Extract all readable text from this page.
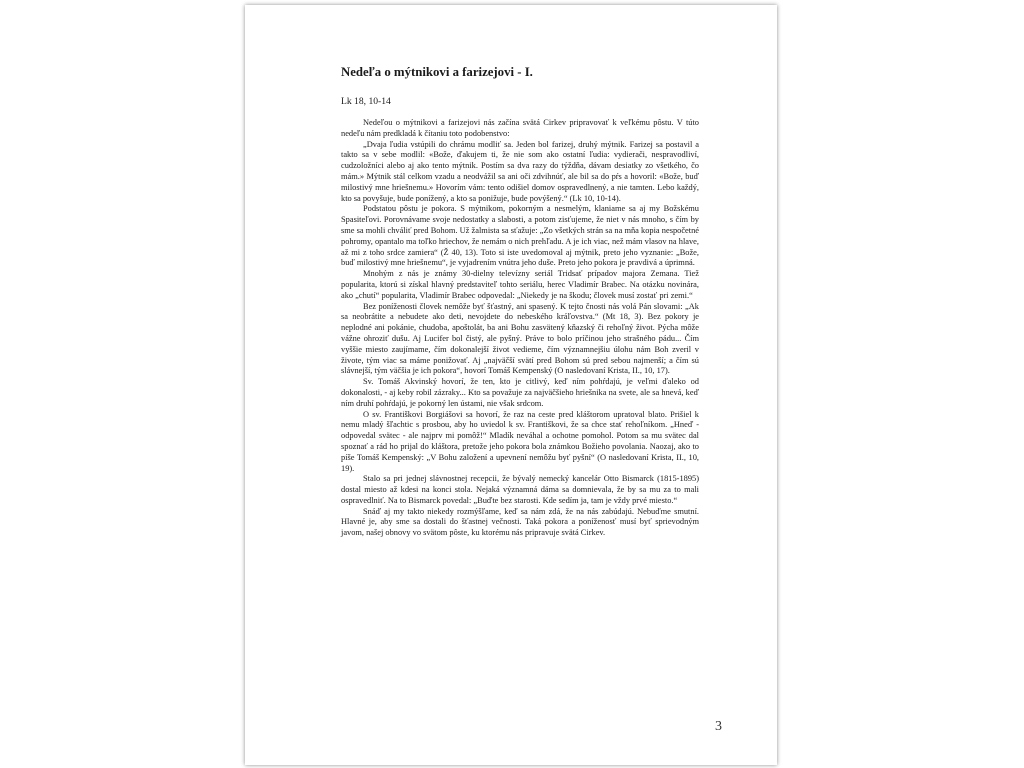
Nedeľa o mýtnikovi a farizejovi - I.
Lk 18, 10-14

Nedeľou o mýtnikovi a farizejovi nás začína svätá Cirkev pripravovať k veľkému pôstu. V túto nedeľu nám predkladá k čítaniu toto podobenstvo:

„Dvaja ľudia vstúpili do chrámu modliť sa. Jeden bol farizej, druhý mýtnik. Farizej sa postavil a takto sa v sebe modlil: «Bože, ďakujem ti, že nie som ako ostatní ľudia: vydierači, nespravodliví, cudzoložníci alebo aj ako tento mýtnik. Postím sa dva razy do týždňa, dávam desiatky zo všetkého, čo mám.» Mýtnik stál celkom vzadu a neodvážil sa ani oči zdvihnúť, ale bil sa do pŕs a hovoril: «Bože, buď milostivý mne hriešnemu.» Hovorím vám: tento odišiel domov ospravedlnený, a nie tamten. Lebo každý, kto sa povyšuje, bude ponížený, a kto sa ponižuje, bude povýšený.“ (Lk 10, 10-14).

Podstatou pôstu je pokora. S mýtnikom, pokorným a nesmelým, klaniame sa aj my Božskému Spasiteľovi. Porovnávame svoje nedostatky a slabosti, a potom zisťujeme, že niet v nás mnoho, s čím by sme sa mohli chváliť pred Bohom. Už žalmista sa sťažuje: „Zo všetkých strán sa na mňa kopia nespočetné pohromy, opantalo ma toľko hriechov, že nemám o nich prehľadu. A je ich viac, než mám vlasov na hlave, až mi z toho srdce zamiera“ (Ž 40, 13). Toto si iste uvedomoval aj mýtnik, preto jeho vyznanie: „Bože, buď milostivý mne hriešnemu“, je vyjadrením vnútra jeho duše. Preto jeho pokora je pravdivá a úprimná.

Mnohým z nás je známy 30-dielny televízny seriál Tridsať prípadov majora Zemana. Tiež popularita, ktorú si získal hlavný predstaviteľ tohto seriálu, herec Vladimír Brabec. Na otázku novinára, ako „chutí“ popularita, Vladimír Brabec odpovedal: „Niekedy je na škodu; človek musí zostať pri zemi.“

Bez poníženosti človek nemôže byť šťastný, ani spasený. K tejto čnosti nás volá Pán slovami: „Ak sa neobrátite a nebudete ako deti, nevojdete do nebeského kráľovstva.“ (Mt 18, 3). Bez pokory je neplodné ani pokánie, chudoba, apoštolát, ba ani Bohu zasvätený kňazský či rehoľný život. Pýcha môže vážne ohroziť dušu. Aj Lucifer bol čistý, ale pyšný. Práve to bolo príčinou jeho strašného pádu... Čím vyššie miesto zaujímame, čím dokonalejší život vedieme, čím významnejšiu úlohu nám Boh zveril v živote, tým viac sa máme ponižovať. Aj „najväčší svätí pred Bohom sú pred sebou najmenší; a čím sú slávnejší, tým väčšia je ich pokora“, hovorí Tomáš Kempenský (O nasledovaní Krista, II., 10, 17).

Sv. Tomáš Akvinský hovorí, že ten, kto je citlivý, keď ním pohŕdajú, je veľmi ďaleko od dokonalosti, - aj keby robil zázraky... Kto sa považuje za najväčšieho hriešnika na svete, ale sa hnevá, keď ním druhí pohŕdajú, je pokorný len ústami, nie však srdcom.

O sv. Františkovi Borgiášovi sa hovorí, že raz na ceste pred kláštorom upratoval blato. Prišiel k nemu mladý šľachtic s prosbou, aby ho uviedol k sv. Františkovi, že sa chce stať rehoľníkom. „Hneď - odpovedal svätec - ale najprv mi pomôž!“ Mladík neváhal a ochotne pomohol. Potom sa mu svätec dal spoznať a rád ho prijal do kláštora, pretože jeho pokora bola známkou Božieho povolania. Naozaj, ako to píše Tomáš Kempenský: „V Bohu založení a upevnení nemôžu byť pyšní“ (O nasledovaní Krista, II., 10, 19).

Stalo sa pri jednej slávnostnej recepcii, že bývalý nemecký kancelár Otto Bismarck (1815-1895) dostal miesto až kdesi na konci stola. Nejaká významná dáma sa domnievala, že by sa mu za to mali ospravedlniť. Na to Bismarck povedal: „Buďte bez starosti. Kde sedím ja, tam je vždy prvé miesto.“

Snáď aj my takto niekedy rozmýšľame, keď sa nám zdá, že na nás zabúdajú. Nebuďme smutní. Hlavné je, aby sme sa dostali do šťastnej večnosti. Taká pokora a poníženosť musí byť sprievodným javom, našej obnovy vo svätom pôste, ku ktorému nás pripravuje svätá Cirkev.

3
